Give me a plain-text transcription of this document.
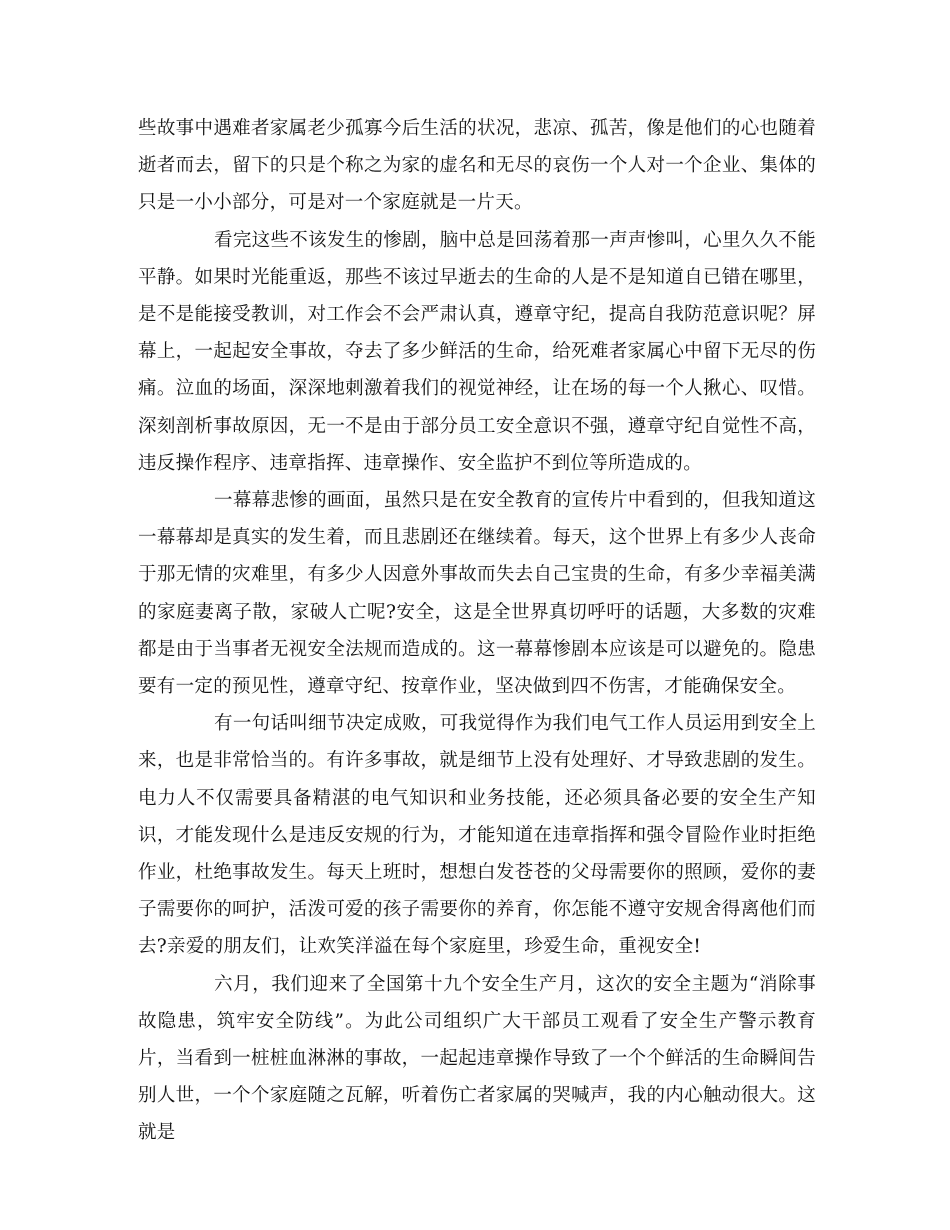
些故事中遇难者家属老少孤寡今后生活的状况，悲凉、孤苦，像是他们的心也随着逝者而去，留下的只是个称之为家的虚名和无尽的哀伤一个人对一个企业、集体的只是一小小部分，可是对一个家庭就是一片天。

看完这些不该发生的惨剧，脑中总是回荡着那一声声惨叫，心里久久不能平静。如果时光能重返，那些不该过早逝去的生命的人是不是知道自已错在哪里，是不是能接受教训，对工作会不会严肃认真，遵章守纪，提高自我防范意识呢？屏幕上，一起起安全事故，夺去了多少鲜活的生命，给死难者家属心中留下无尽的伤痛。泣血的场面，深深地刺激着我们的视觉神经，让在场的每一个人揪心、叹惜。深刻剖析事故原因，无一不是由于部分员工安全意识不强，遵章守纪自觉性不高，违反操作程序、违章指挥、违章操作、安全监护不到位等所造成的。

一幕幕悲惨的画面，虽然只是在安全教育的宣传片中看到的，但我知道这一幕幕却是真实的发生着，而且悲剧还在继续着。每天，这个世界上有多少人丧命于那无情的灾难里，有多少人因意外事故而失去自己宝贵的生命，有多少幸福美满的家庭妻离子散，家破人亡呢?安全，这是全世界真切呼吁的话题，大多数的灾难都是由于当事者无视安全法规而造成的。这一幕幕惨剧本应该是可以避免的。隐患要有一定的预见性，遵章守纪、按章作业，坚决做到四不伤害，才能确保安全。

有一句话叫细节决定成败，可我觉得作为我们电气工作人员运用到安全上来，也是非常恰当的。有许多事故，就是细节上没有处理好、才导致悲剧的发生。电力人不仅需要具备精湛的电气知识和业务技能，还必须具备必要的安全生产知识，才能发现什么是违反安规的行为，才能知道在违章指挥和强令冒险作业时拒绝作业，杜绝事故发生。每天上班时，想想白发苍苍的父母需要你的照顾，爱你的妻子需要你的呵护，活泼可爱的孩子需要你的养育，你怎能不遵守安规舍得离他们而去?亲爱的朋友们，让欢笑洋溢在每个家庭里，珍爱生命，重视安全!

六月，我们迎来了全国第十九个安全生产月，这次的安全主题为“消除事故隐患，筑牢安全防线”。为此公司组织广大干部员工观看了安全生产警示教育片，当看到一桩桩血淋淋的事故，一起起违章操作导致了一个个鲜活的生命瞬间告别人世，一个个家庭随之瓦解，听着伤亡者家属的哭喊声，我的内心触动很大。这就是
